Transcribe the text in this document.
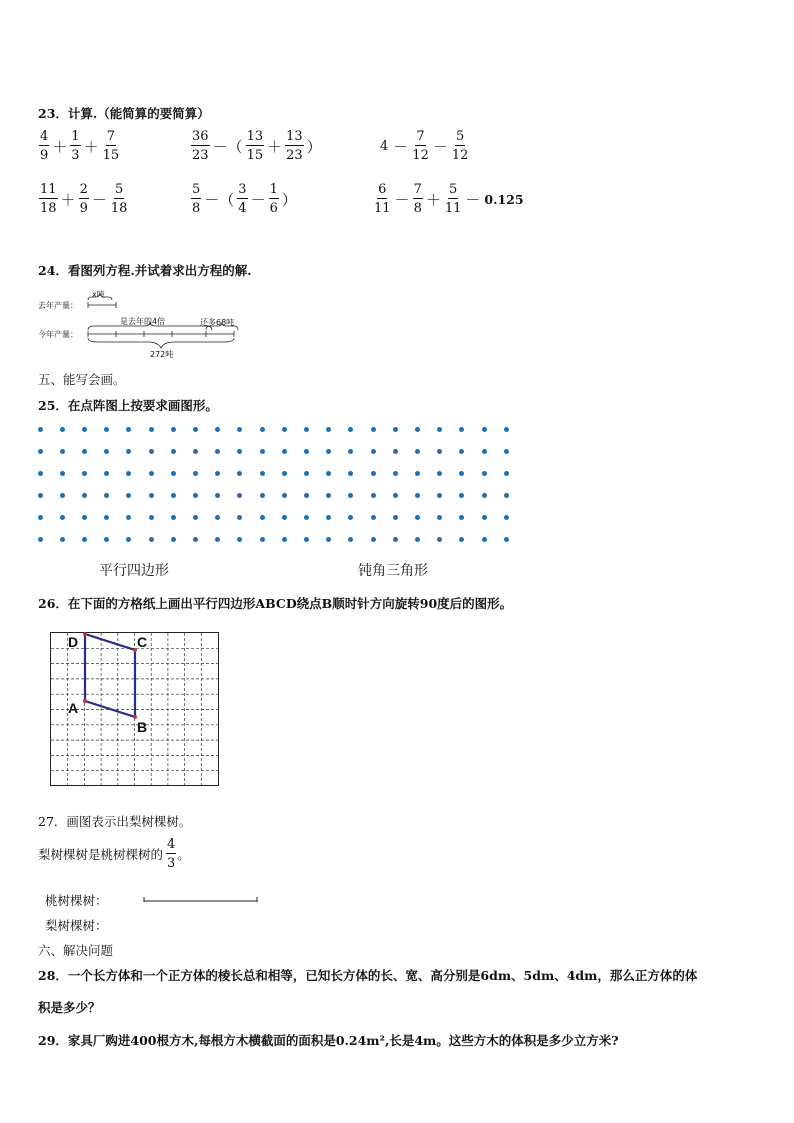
23．计算.（能简算的要简算）
$\frac{4}{9} + \frac{1}{3} + \frac{7}{15}$	$\frac{36}{23}$ －（ $\frac{13}{15} + \frac{13}{23}$ ）	$4 - \frac{7}{12} - \frac{5}{12}$
$\frac{11}{18} + \frac{2}{9} - \frac{5}{18}$	$\frac{5}{8}$ －（ $\frac{3}{4} - \frac{1}{6}$ ）	$\frac{6}{11} - \frac{7}{8} + \frac{5}{11} - 0.125$
24．看图列方程.并试着求出方程的解.
去年产量：
x吨
今年产量：
是去年的4倍	还多68吨
272吨
五、能写会画。
25．在点阵图上按要求画图形。
平行四边形	钝角三角形
26．在下面的方格纸上画出平行四边形ABCD绕点B顺时针方向旋转90度后的图形。
D	C
A
B
27．画图表示出梨树棵树。
梨树棵树是桃树棵树的 $\frac{4}{3}$ 。
桃树棵树：
梨树棵树：
六、解决问题
28．一个长方体和一个正方体的棱长总和相等，已知长方体的长、宽、高分别是6dm、5dm、4dm，那么正方体的体
积是多少？
29．家具厂购进400根方木,每根方木横截面的面积是0.24m²,长是4m。这些方木的体积是多少立方米?
